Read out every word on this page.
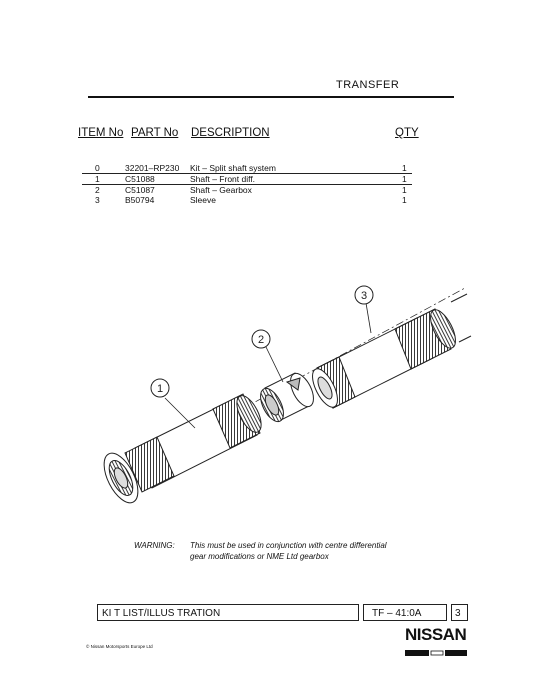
TRANSFER
ITEM No PART No DESCRIPTION	QTY
0	32201–RP230 Kit – Split shaft system	1
1	C51088	Shaft – Front diff.	1
2	C51087	Shaft – Gearbox	1
3	B50794	Sleeve	1
1
2
3
WARNING: This must be used in conjunction with centre differential
gear modifications or NME Ltd gearbox
KI T LIST/ILLUS TRATION	TF – 41:0A	3
© Nissan Motorsports Europe Ltd
NISSAN
